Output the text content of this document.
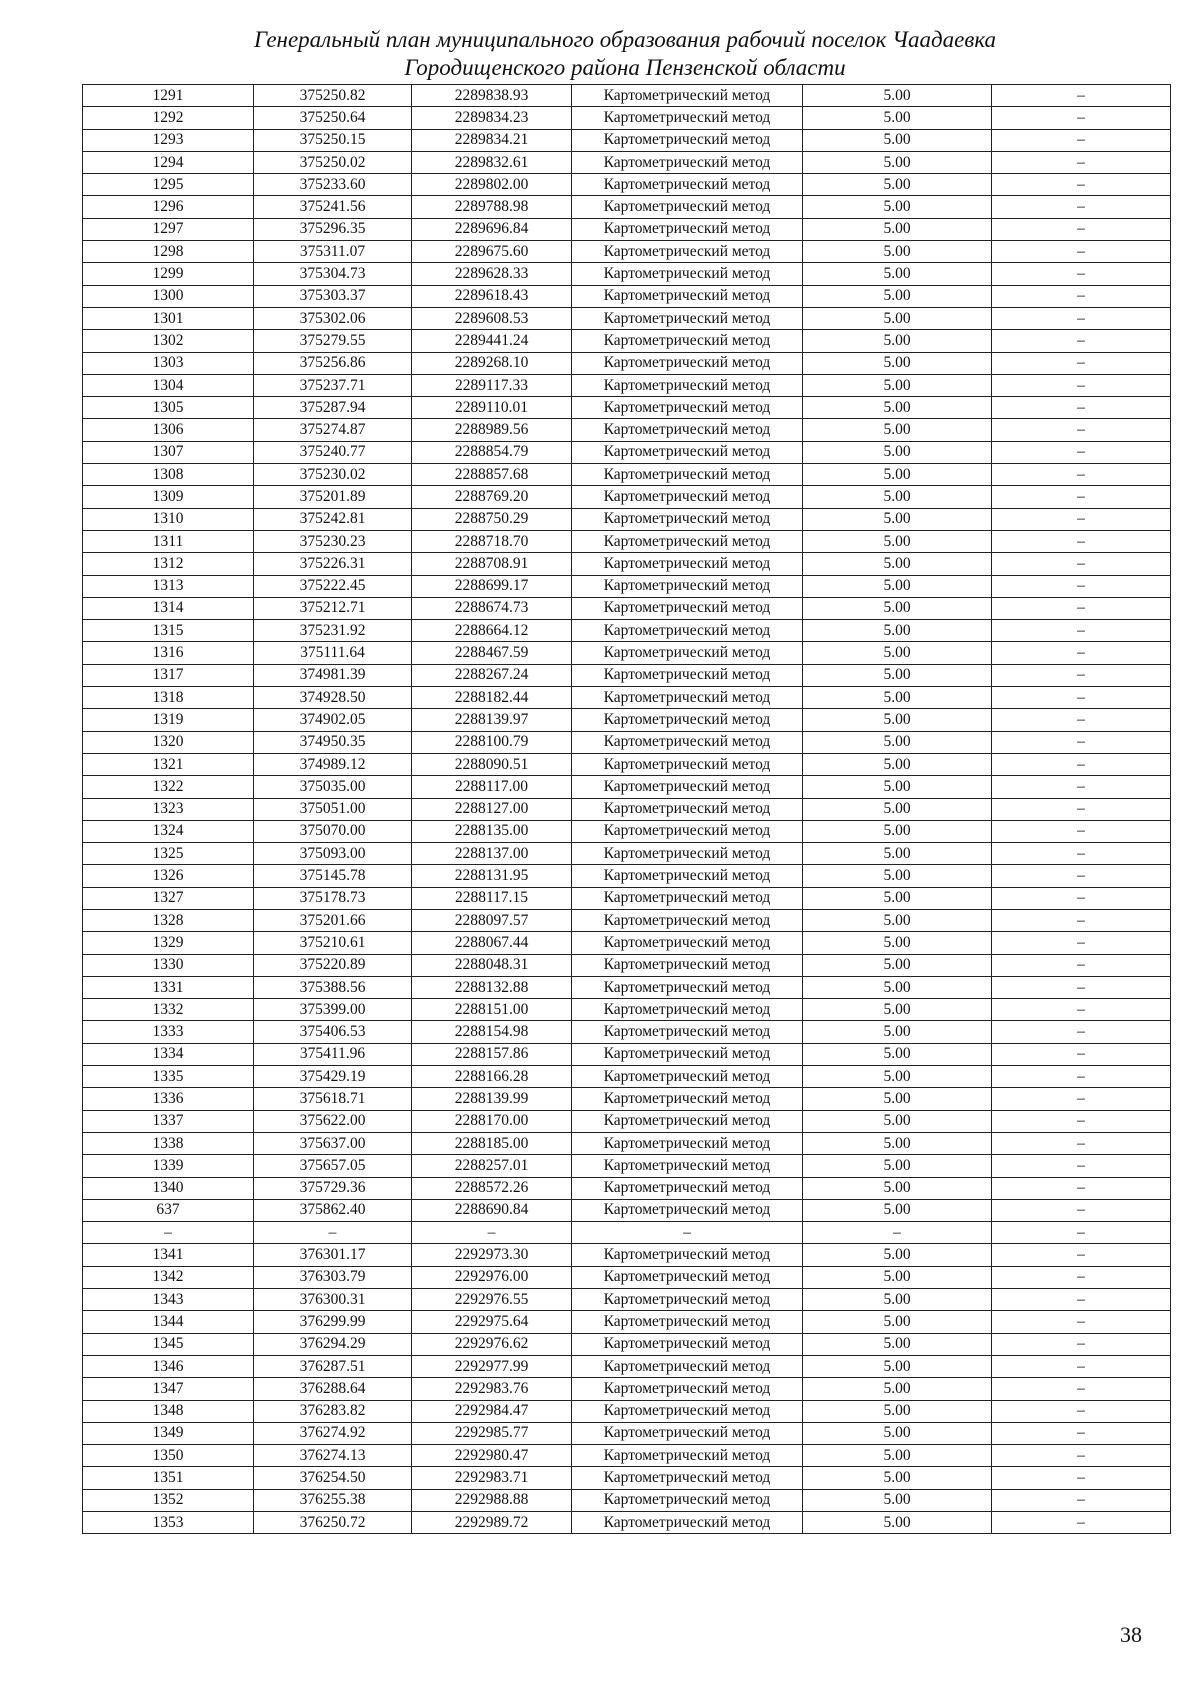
Генеральный план муниципального образования рабочий поселок Чаадаевка
Городищенского района Пензенской области
1291	375250.82	2289838.93	Картометрический метод	5.00	–
1292	375250.64	2289834.23	Картометрический метод	5.00	–
1293	375250.15	2289834.21	Картометрический метод	5.00	–
1294	375250.02	2289832.61	Картометрический метод	5.00	–
1295	375233.60	2289802.00	Картометрический метод	5.00	–
1296	375241.56	2289788.98	Картометрический метод	5.00	–
1297	375296.35	2289696.84	Картометрический метод	5.00	–
1298	375311.07	2289675.60	Картометрический метод	5.00	–
1299	375304.73	2289628.33	Картометрический метод	5.00	–
1300	375303.37	2289618.43	Картометрический метод	5.00	–
1301	375302.06	2289608.53	Картометрический метод	5.00	–
1302	375279.55	2289441.24	Картометрический метод	5.00	–
1303	375256.86	2289268.10	Картометрический метод	5.00	–
1304	375237.71	2289117.33	Картометрический метод	5.00	–
1305	375287.94	2289110.01	Картометрический метод	5.00	–
1306	375274.87	2288989.56	Картометрический метод	5.00	–
1307	375240.77	2288854.79	Картометрический метод	5.00	–
1308	375230.02	2288857.68	Картометрический метод	5.00	–
1309	375201.89	2288769.20	Картометрический метод	5.00	–
1310	375242.81	2288750.29	Картометрический метод	5.00	–
1311	375230.23	2288718.70	Картометрический метод	5.00	–
1312	375226.31	2288708.91	Картометрический метод	5.00	–
1313	375222.45	2288699.17	Картометрический метод	5.00	–
1314	375212.71	2288674.73	Картометрический метод	5.00	–
1315	375231.92	2288664.12	Картометрический метод	5.00	–
1316	375111.64	2288467.59	Картометрический метод	5.00	–
1317	374981.39	2288267.24	Картометрический метод	5.00	–
1318	374928.50	2288182.44	Картометрический метод	5.00	–
1319	374902.05	2288139.97	Картометрический метод	5.00	–
1320	374950.35	2288100.79	Картометрический метод	5.00	–
1321	374989.12	2288090.51	Картометрический метод	5.00	–
1322	375035.00	2288117.00	Картометрический метод	5.00	–
1323	375051.00	2288127.00	Картометрический метод	5.00	–
1324	375070.00	2288135.00	Картометрический метод	5.00	–
1325	375093.00	2288137.00	Картометрический метод	5.00	–
1326	375145.78	2288131.95	Картометрический метод	5.00	–
1327	375178.73	2288117.15	Картометрический метод	5.00	–
1328	375201.66	2288097.57	Картометрический метод	5.00	–
1329	375210.61	2288067.44	Картометрический метод	5.00	–
1330	375220.89	2288048.31	Картометрический метод	5.00	–
1331	375388.56	2288132.88	Картометрический метод	5.00	–
1332	375399.00	2288151.00	Картометрический метод	5.00	–
1333	375406.53	2288154.98	Картометрический метод	5.00	–
1334	375411.96	2288157.86	Картометрический метод	5.00	–
1335	375429.19	2288166.28	Картометрический метод	5.00	–
1336	375618.71	2288139.99	Картометрический метод	5.00	–
1337	375622.00	2288170.00	Картометрический метод	5.00	–
1338	375637.00	2288185.00	Картометрический метод	5.00	–
1339	375657.05	2288257.01	Картометрический метод	5.00	–
1340	375729.36	2288572.26	Картометрический метод	5.00	–
637	375862.40	2288690.84	Картометрический метод	5.00	–
–	–	–	–	–	–
1341	376301.17	2292973.30	Картометрический метод	5.00	–
1342	376303.79	2292976.00	Картометрический метод	5.00	–
1343	376300.31	2292976.55	Картометрический метод	5.00	–
1344	376299.99	2292975.64	Картометрический метод	5.00	–
1345	376294.29	2292976.62	Картометрический метод	5.00	–
1346	376287.51	2292977.99	Картометрический метод	5.00	–
1347	376288.64	2292983.76	Картометрический метод	5.00	–
1348	376283.82	2292984.47	Картометрический метод	5.00	–
1349	376274.92	2292985.77	Картометрический метод	5.00	–
1350	376274.13	2292980.47	Картометрический метод	5.00	–
1351	376254.50	2292983.71	Картометрический метод	5.00	–
1352	376255.38	2292988.88	Картометрический метод	5.00	–
1353	376250.72	2292989.72	Картометрический метод	5.00	–
38
